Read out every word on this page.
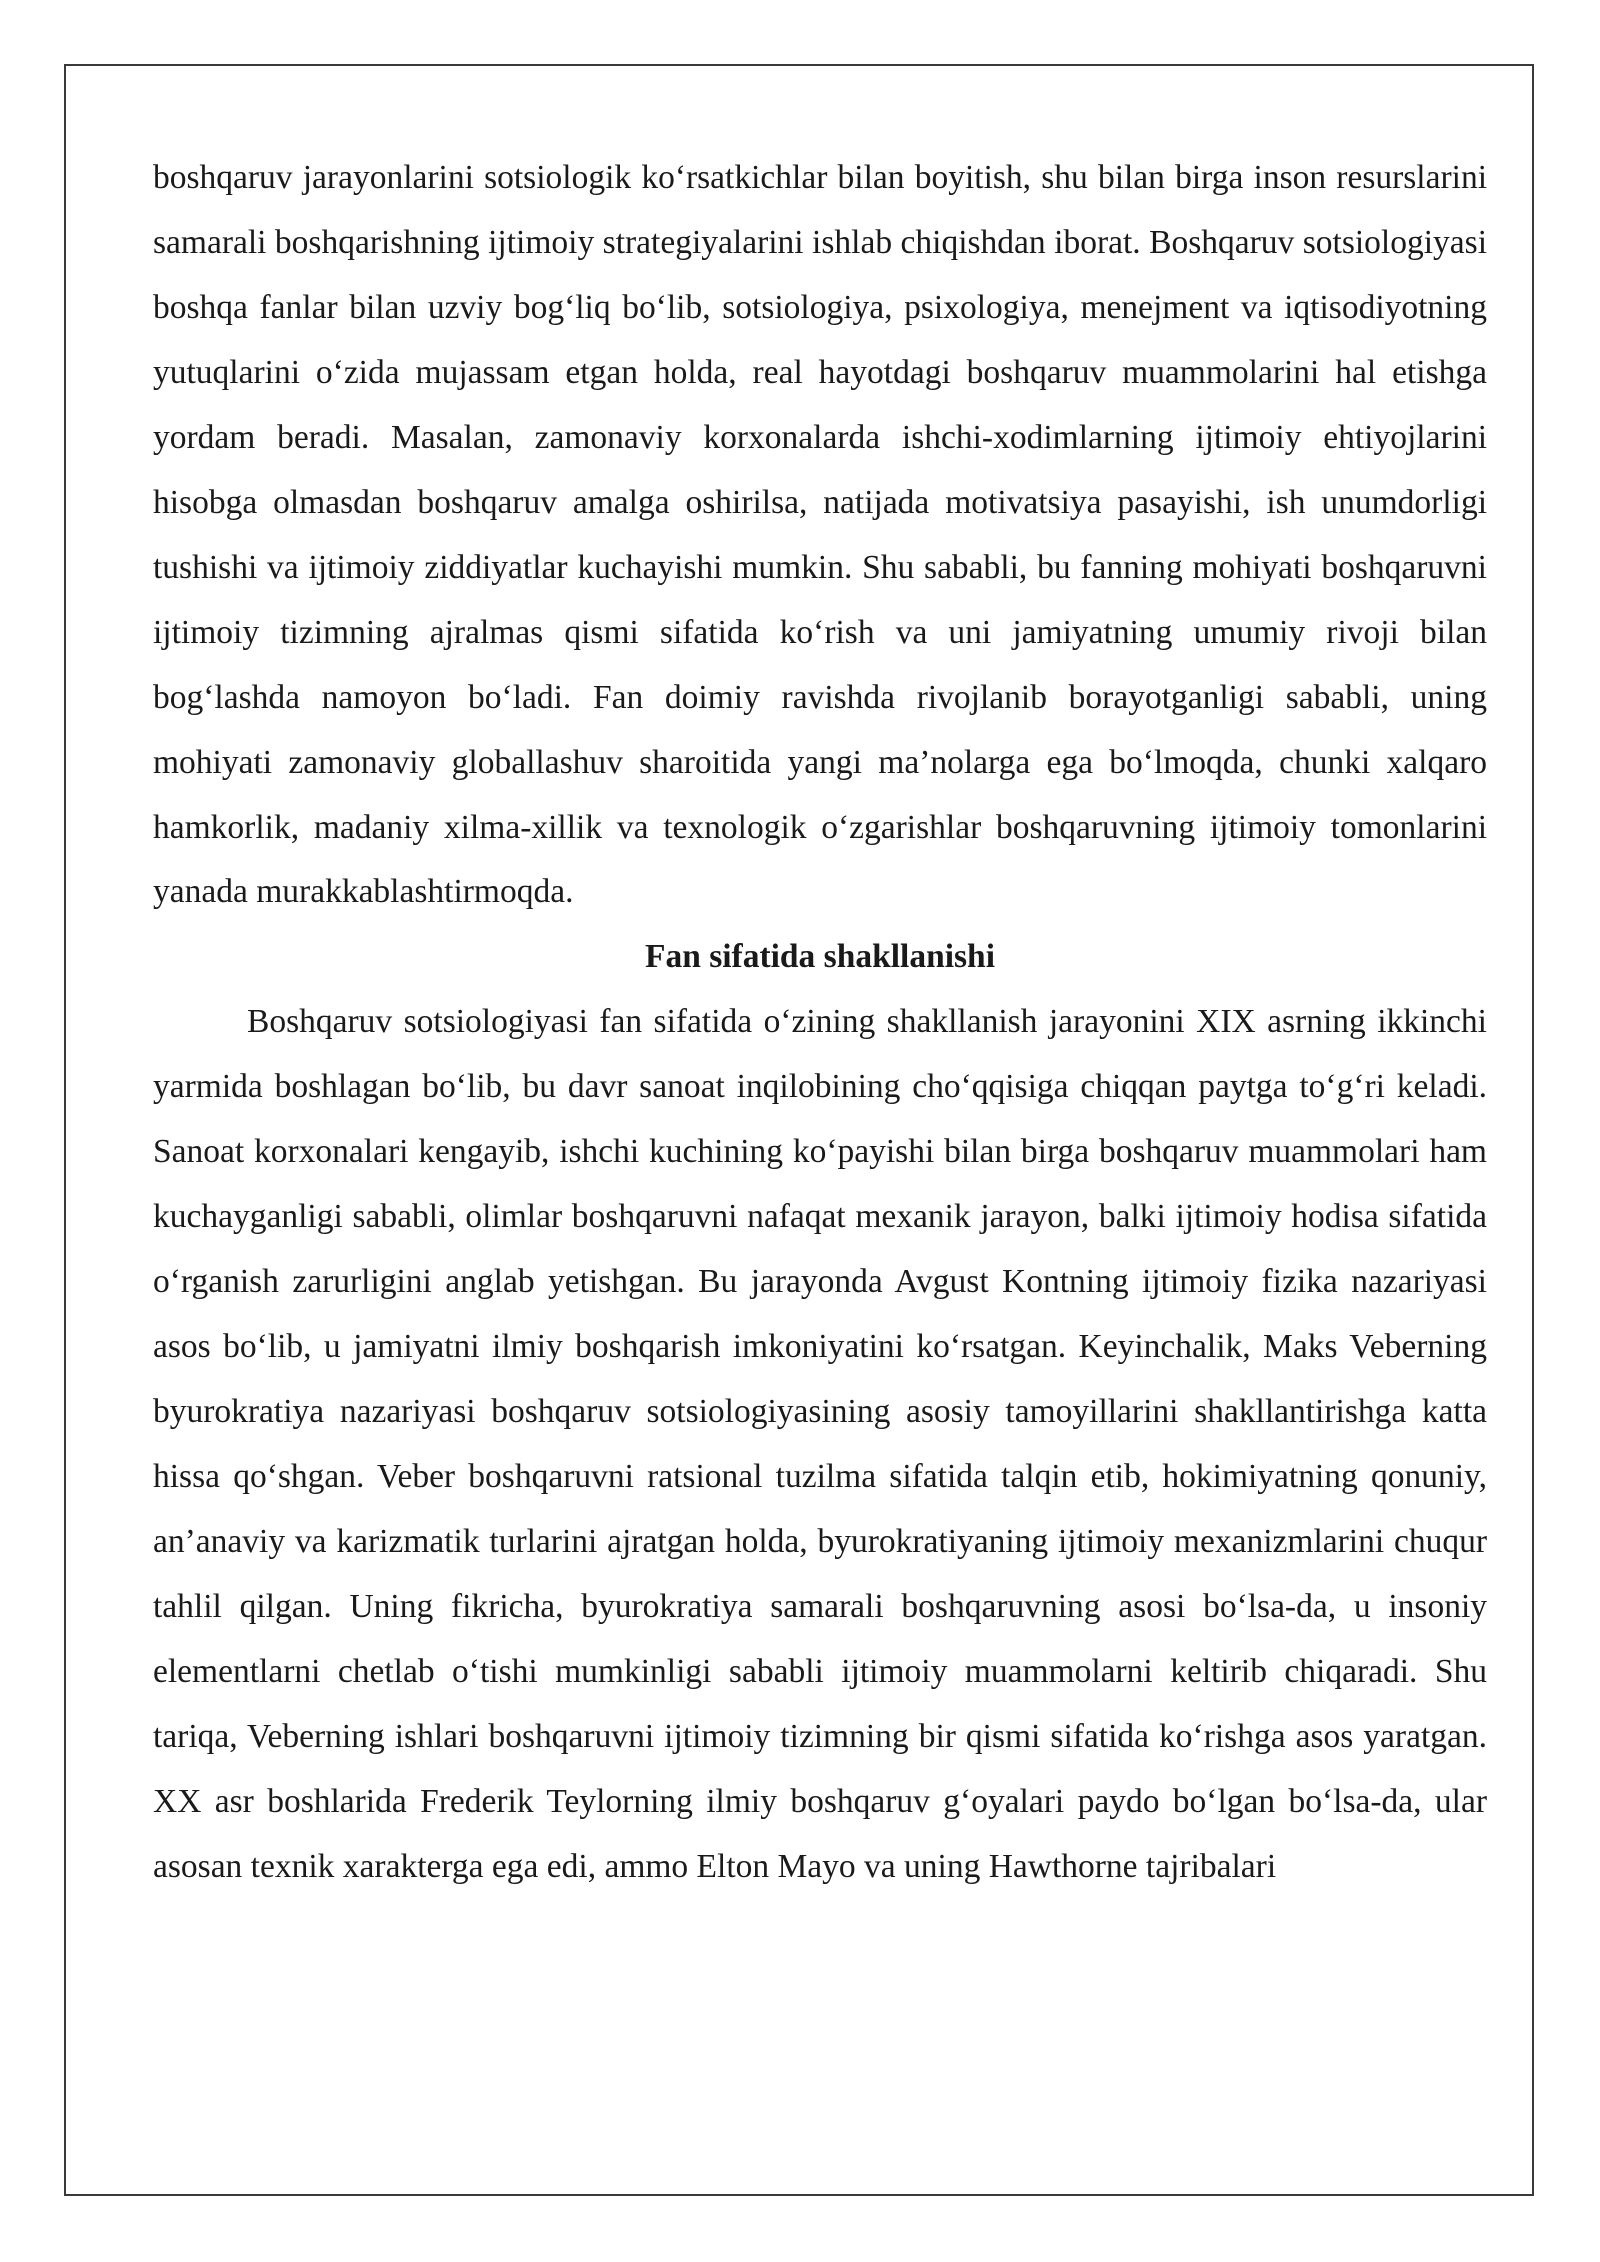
boshqaruv jarayonlarini sotsiologik ko‘rsatkichlar bilan boyitish, shu bilan birga inson resurslarini samarali boshqarishning ijtimoiy strategiyalarini ishlab chiqishdan iborat. Boshqaruv sotsiologiyasi boshqa fanlar bilan uzviy bog‘liq bo‘lib, sotsiologiya, psixologiya, menejment va iqtisodiyotning yutuqlarini o‘zida mujassam etgan holda, real hayotdagi boshqaruv muammolarini hal etishga yordam beradi. Masalan, zamonaviy korxonalarda ishchi-xodimlarning ijtimoiy ehtiyojlarini hisobga olmasdan boshqaruv amalga oshirilsa, natijada motivatsiya pasayishi, ish unumdorligi tushishi va ijtimoiy ziddiyatlar kuchayishi mumkin. Shu sababli, bu fanning mohiyati boshqaruvni ijtimoiy tizimning ajralmas qismi sifatida ko‘rish va uni jamiyatning umumiy rivoji bilan bog‘lashda namoyon bo‘ladi. Fan doimiy ravishda rivojlanib borayotganligi sababli, uning mohiyati zamonaviy globallashuv sharoitida yangi ma’nolarga ega bo‘lmoqda, chunki xalqaro hamkorlik, madaniy xilma-xillik va texnologik o‘zgarishlar boshqaruvning ijtimoiy tomonlarini yanada murakkablashtirmoqda.

Fan sifatida shakllanishi

Boshqaruv sotsiologiyasi fan sifatida o‘zining shakllanish jarayonini XIX asrning ikkinchi yarmida boshlagan bo‘lib, bu davr sanoat inqilobining cho‘qqisiga chiqqan paytga to‘g‘ri keladi. Sanoat korxonalari kengayib, ishchi kuchining ko‘payishi bilan birga boshqaruv muammolari ham kuchayganligi sababli, olimlar boshqaruvni nafaqat mexanik jarayon, balki ijtimoiy hodisa sifatida o‘rganish zarurligini anglab yetishgan. Bu jarayonda Avgust Kontning ijtimoiy fizika nazariyasi asos bo‘lib, u jamiyatni ilmiy boshqarish imkoniyatini ko‘rsatgan. Keyinchalik, Maks Veberning byurokratiya nazariyasi boshqaruv sotsiologiyasining asosiy tamoyillarini shakllantirishga katta hissa qo‘shgan. Veber boshqaruvni ratsional tuzilma sifatida talqin etib, hokimiyatning qonuniy, an’anaviy va karizmatik turlarini ajratgan holda, byurokratiyaning ijtimoiy mexanizmlarini chuqur tahlil qilgan. Uning fikricha, byurokratiya samarali boshqaruvning asosi bo‘lsa-da, u insoniy elementlarni chetlab o‘tishi mumkinligi sababli ijtimoiy muammolarni keltirib chiqaradi. Shu tariqa, Veberning ishlari boshqaruvni ijtimoiy tizimning bir qismi sifatida ko‘rishga asos yaratgan. XX asr boshlarida Frederik Teylorning ilmiy boshqaruv g‘oyalari paydo bo‘lgan bo‘lsa-da, ular asosan texnik xarakterga ega edi, ammo Elton Mayo va uning Hawthorne tajribalari
